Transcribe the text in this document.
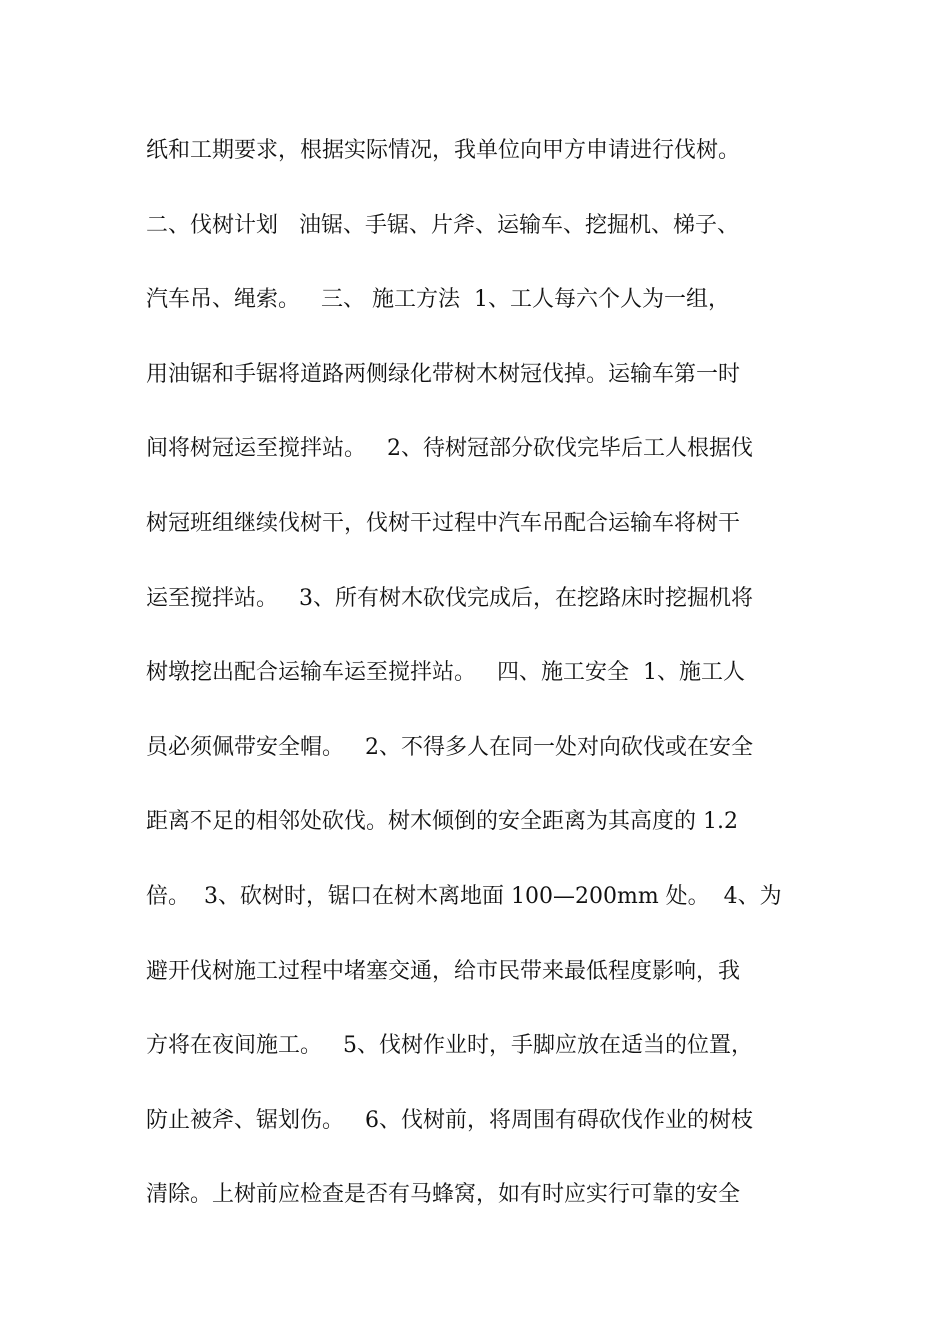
纸和工期要求，根据实际情况，我单位向甲方申请进行伐树。
二、伐树计划   油锯、手锯、片斧、运输车、挖掘机、梯子、
汽车吊、绳索。   三、 施工方法  1、工人每六个人为一组，
用油锯和手锯将道路两侧绿化带树木树冠伐掉。运输车第一时
间将树冠运至搅拌站。   2、待树冠部分砍伐完毕后工人根据伐
树冠班组继续伐树干，伐树干过程中汽车吊配合运输车将树干
运至搅拌站。   3、所有树木砍伐完成后，在挖路床时挖掘机将
树墩挖出配合运输车运至搅拌站。   四、施工安全  1、施工人
员必须佩带安全帽。   2、不得多人在同一处对向砍伐或在安全
距离不足的相邻处砍伐。树木倾倒的安全距离为其高度的 1.2
倍。  3、砍树时，锯口在树木离地面 100—200mm 处。  4、为
避开伐树施工过程中堵塞交通，给市民带来最低程度影响，我
方将在夜间施工。   5、伐树作业时，手脚应放在适当的位置，
防止被斧、锯划伤。   6、伐树前，将周围有碍砍伐作业的树枝
清除。上树前应检查是否有马蜂窝，如有时应实行可靠的安全
